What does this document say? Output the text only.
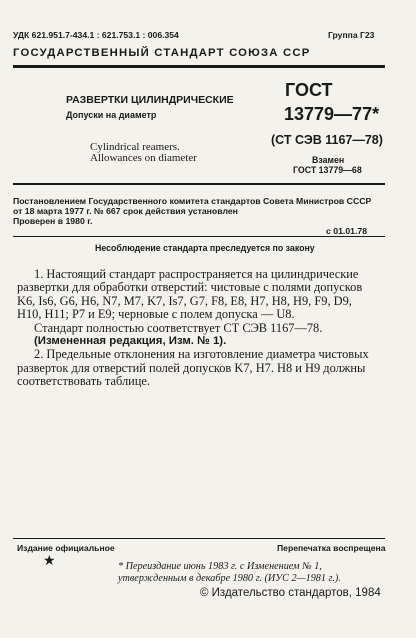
УДК 621.951.7-434.1 : 621.753.1 : 006.354	Группа Г23
ГОСУДАРСТВЕННЫЙ СТАНДАРТ СОЮЗА ССР
РАЗВЕРТКИ ЦИЛИНДРИЧЕСКИЕ
Допуски на диаметр
Cylindrical reamers.
Allowances on diameter
ГОСТ
13779—77*
(СТ СЭВ 1167—78)
Взамен
ГОСТ 13779—68
Постановлением Государственного комитета стандартов Совета Министров СССР
от 18 марта 1977 г. № 667 срок действия установлен
Проверен в 1980 г.
с 01.01.78
Несоблюдение стандарта преследуется по закону
1. Настоящий стандарт распространяется на цилиндрические
развертки для обработки отверстий: чистовые с полями допусков
K6, Is6, G6, H6, N7, M7, K7, Is7, G7, F8, E8, H7, H8, H9, F9, D9,
H10, H11; P7 и E9; черновые с полем допуска — U8.
Стандарт полностью соответствует СТ СЭВ 1167—78.
(Измененная редакция, Изм. № 1).
2. Предельные отклонения на изготовление диаметра чистовых
разверток для отверстий полей допусков K7, H7. H8 и H9 должны
соответствовать таблице.
Издание официальное	Перепечатка воспрещена
★	* Переиздание июнь 1983 г. с Изменением № 1,
утвержденным в декабре 1980 г. (ИУС 2—1981 г.).
© Издательство стандартов, 1984
